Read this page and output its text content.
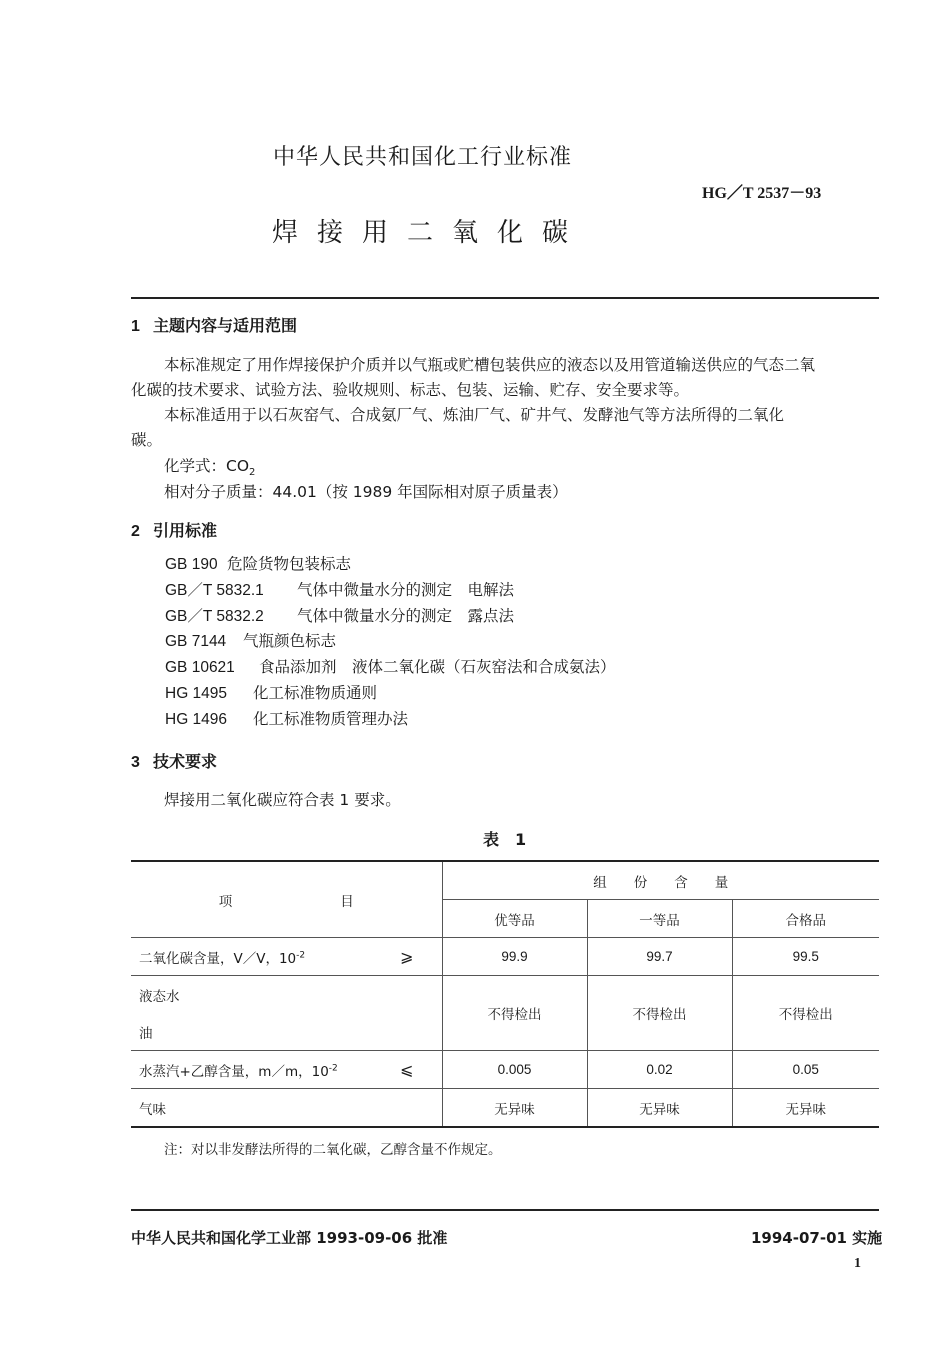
中华人民共和国化工行业标准
HG／T 2537－93
焊接用二氧化碳
1 主题内容与适用范围
本标准规定了用作焊接保护介质并以气瓶或贮槽包装供应的液态以及用管道输送供应的气态二氧
化碳的技术要求、试验方法、验收规则、标志、包装、运输、贮存、安全要求等。
本标准适用于以石灰窑气、合成氨厂气、炼油厂气、矿井气、发酵池气等方法所得的二氧化
碳。
化学式：$CO_2$
相对分子质量：44.01（按 1989 年国际相对原子质量表）
2 引用标准
GB 190 危险货物包装标志
GB／T 5832.1 气体中微量水分的测定　电解法
GB／T 5832.2 气体中微量水分的测定　露点法
GB 7144 气瓶颜色标志
GB 10621 食品添加剂　液体二氧化碳（石灰窑法和合成氨法）
HG 1495 化工标准物质通则
HG 1496 化工标准物质管理办法
3 技术要求
焊接用二氧化碳应符合表 1 要求。
表　1
项　　　　　　　　目	组　　份　　含　　量		
	优等品	一等品	合格品
二氧化碳含量，V／V，$10^{-2}$ ⩾	99.9	99.7	99.5
液态水	不得检出	不得检出	不得检出
油			
水蒸汽+乙醇含量，m／m，$10^{-2}$ ⩽	0.005	0.02	0.05
气味	无异味	无异味	无异味
注：对以非发酵法所得的二氧化碳，乙醇含量不作规定。
中华人民共和国化学工业部 1993-09-06 批准	1994-07-01 实施
1
